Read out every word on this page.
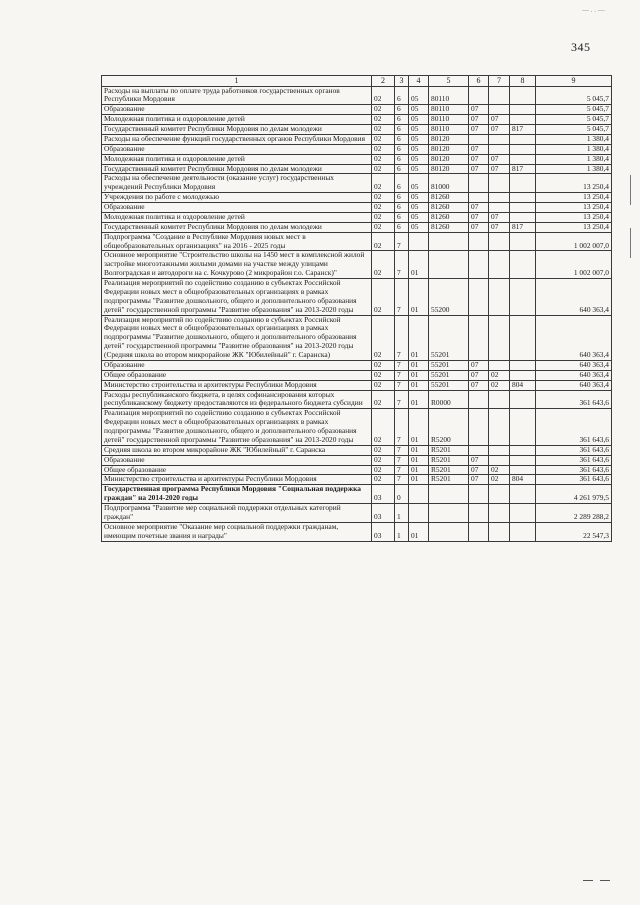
— . . —
345
1	2	3	4	5	6	7	8	9
Расходы на выплаты по оплате труда работников государственных органов Республики Мордовия	02	6	05	80110				5 045,7
Образование	02	6	05	80110	07			5 045,7
Молодежная политика и оздоровление детей	02	6	05	80110	07	07		5 045,7
Государственный комитет Республики Мордовия по делам молодежи	02	6	05	80110	07	07	817	5 045,7
Расходы на обеспечение функций государственных органов Республики Мордовия	02	6	05	80120				1 380,4
Образование	02	6	05	80120	07			1 380,4
Молодежная политика и оздоровление детей	02	6	05	80120	07	07		1 380,4
Государственный комитет Республики Мордовия по делам молодежи	02	6	05	80120	07	07	817	1 380,4
Расходы на обеспечение деятельности (оказание услуг) государственных учреждений Республики Мордовия	02	6	05	81000				13 250,4
Учреждения по работе с молодежью	02	6	05	81260				13 250,4
Образование	02	6	05	81260	07			13 250,4
Молодежная политика и оздоровление детей	02	6	05	81260	07	07		13 250,4
Государственный комитет Республики Мордовия по делам молодежи	02	6	05	81260	07	07	817	13 250,4
Подпрограмма "Создание в Республике Мордовия новых мест в общеобразовательных организациях" на 2016 - 2025 годы	02	7						1 002 007,0
Основное мероприятие "Строительство школы на 1450 мест в комплексной жилой застройке многоэтажными жилыми домами на участке между улицами Волгоградская и автодороги на с. Кочкурово (2 микрорайон г.о. Саранск)"	02	7	01					1 002 007,0
Реализация мероприятий по содействию созданию в субъектах Российской Федерации новых мест в общеобразовательных организациях в рамках подпрограммы "Развитие дошкольного, общего и дополнительного образования детей" государственной программы "Развитие образования" на 2013-2020 годы	02	7	01	55200				640 363,4
Реализация мероприятий по содействию созданию в субъектах Российской Федерации новых мест в общеобразовательных организациях в рамках подпрограммы "Развитие дошкольного, общего и дополнительного образования детей" государственной программы "Развитие образования" на 2013-2020 годы (Средняя школа во втором микрорайоне ЖК "Юбилейный" г. Саранска)	02	7	01	55201				640 363,4
Образование	02	7	01	55201	07			640 363,4
Общее образование	02	7	01	55201	07	02		640 363,4
Министерство строительства и архитектуры Республики Мордовия	02	7	01	55201	07	02	804	640 363,4
Расходы республиканского бюджета, в целях софинансирования которых республиканскому бюджету предоставляются из федерального бюджета субсидии	02	7	01	R0000				361 643,6
Реализация мероприятий по содействию созданию в субъектах Российской Федерации новых мест в общеобразовательных организациях в рамках подпрограммы "Развитие дошкольного, общего и дополнительного образования детей" государственной программы "Развитие образования" на 2013-2020 годы	02	7	01	R5200				361 643,6
Средняя школа во втором микрорайоне ЖК "Юбилейный" г. Саранска	02	7	01	R5201				361 643,6
Образование	02	7	01	R5201	07			361 643,6
Общее образование	02	7	01	R5201	07	02		361 643,6
Министерство строительства и архитектуры Республики Мордовия	02	7	01	R5201	07	02	804	361 643,6
Государственная программа Республики Мордовия "Социальная поддержка граждан" на 2014-2020 годы	03	0						4 261 979,5
Подпрограмма "Развитие мер социальной поддержки отдельных категорий граждан"	03	1						2 289 288,2
Основное мероприятие "Оказание мер социальной поддержки гражданам, имеющим почетные звания и награды"	03	1	01					22 547,3
